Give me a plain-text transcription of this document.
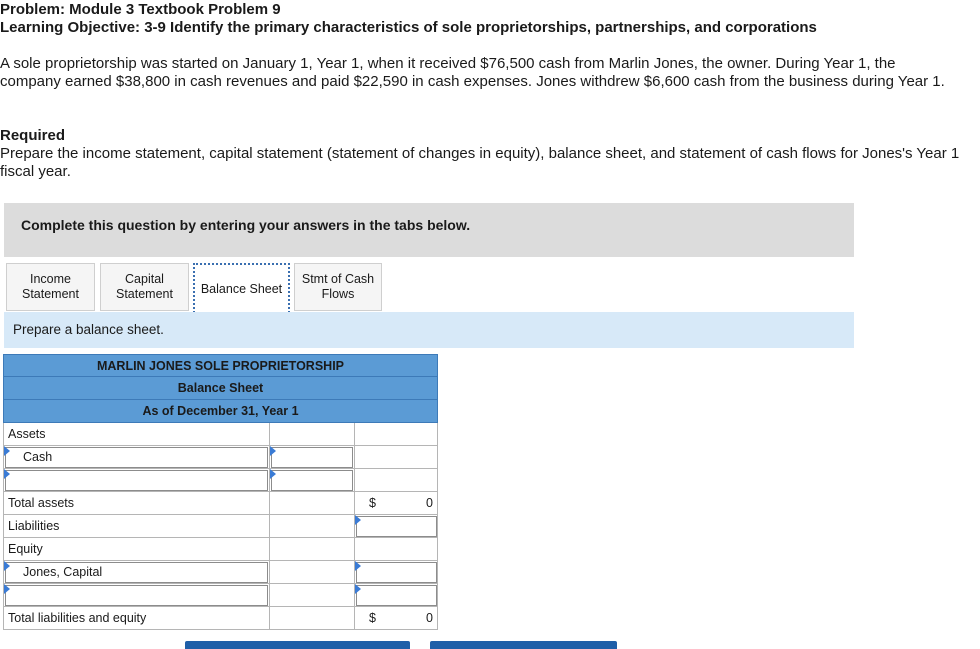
Problem: Module 3 Textbook Problem 9
Learning Objective: 3-9 Identify the primary characteristics of sole proprietorships, partnerships, and corporations
A sole proprietorship was started on January 1, Year 1, when it received $76,500 cash from Marlin Jones, the owner. During Year 1, the company earned $38,800 in cash revenues and paid $22,590 in cash expenses. Jones withdrew $6,600 cash from the business during Year 1.
Required
Prepare the income statement, capital statement (statement of changes in equity), balance sheet, and statement of cash flows for Jones's Year 1 fiscal year.
Complete this question by entering your answers in the tabs below.
Income
Statement
Capital
Statement Balance Sheet
Stmt of Cash
Flows
Prepare a balance sheet.
MARLIN JONES SOLE PROPRIETORSHIP
Balance Sheet
As of December 31, Year 1
Assets
Cash
Total assets	$	0
Liabilities
Equity
Jones, Capital
Total liabilities and equity	$	0
